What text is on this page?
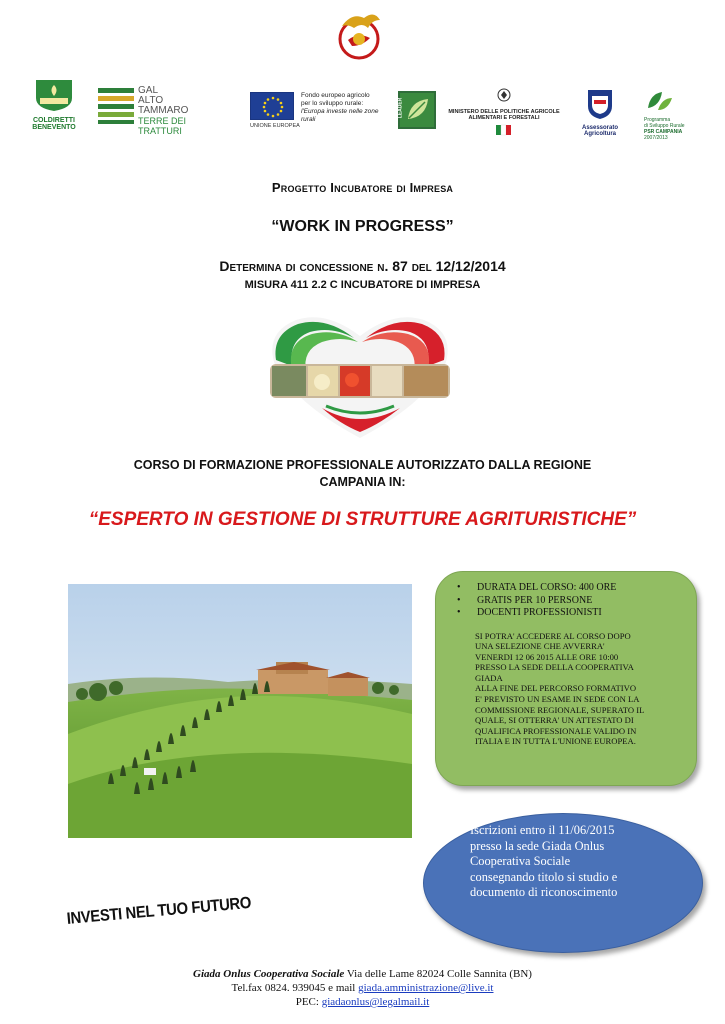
COLDIRETTI
BENEVENTO
GAL
ALTO
TAMMARO
TERRE DEI TRATTURI
Fondo europeo agricolo
per lo sviluppo rurale:
l'Europa investe nelle zone rurali
UNIONE EUROPEA
LEADER	MINISTERO DELLE POLITICHE AGRICOLE
ALIMENTARI E FORESTALI
Assessorato Agricoltura
Programma
di Sviluppo Rurale
PSR CAMPANIA
2007/2013
Progetto Incubatore di Impresa
“WORK IN PROGRESS”
Determina di concessione n. 87 del 12/12/2014
MISURA 411 2.2 C INCUBATORE DI IMPRESA
CORSO DI FORMAZIONE PROFESSIONALE AUTORIZZATO DALLA REGIONE
CAMPANIA IN:
“ESPERTO IN GESTIONE DI STRUTTURE AGRITURISTICHE”
• DURATA DEL CORSO: 400 ORE
• GRATIS PER 10 PERSONE
• DOCENTI PROFESSIONISTI
SI POTRA' ACCEDERE AL CORSO DOPO
UNA SELEZIONE CHE AVVERRA'
VENERDI 12 06 2015 ALLE ORE 10:00
PRESSO LA SEDE DELLA COOPERATIVA
GIADA
ALLA FINE DEL PERCORSO FORMATIVO
E' PREVISTO UN ESAME IN SEDE CON LA
COMMISSIONE REGIONALE, SUPERATO IL
QUALE, SI OTTERRA' UN ATTESTATO DI
QUALIFICA PROFESSIONALE VALIDO IN
ITALIA E IN TUTTA L'UNIONE EUROPEA.
Iscrizioni entro il 11/06/2015
presso la sede Giada Onlus
Cooperativa Sociale
consegnando titolo si studio e
documento di riconoscimento
INVESTI NEL TUO FUTURO
Giada Onlus Cooperativa Sociale Via delle Lame 82024 Colle Sannita (BN)
Tel.fax 0824. 939045 e mail giada.amministrazione@live.it
PEC: giadaonlus@legalmail.it
